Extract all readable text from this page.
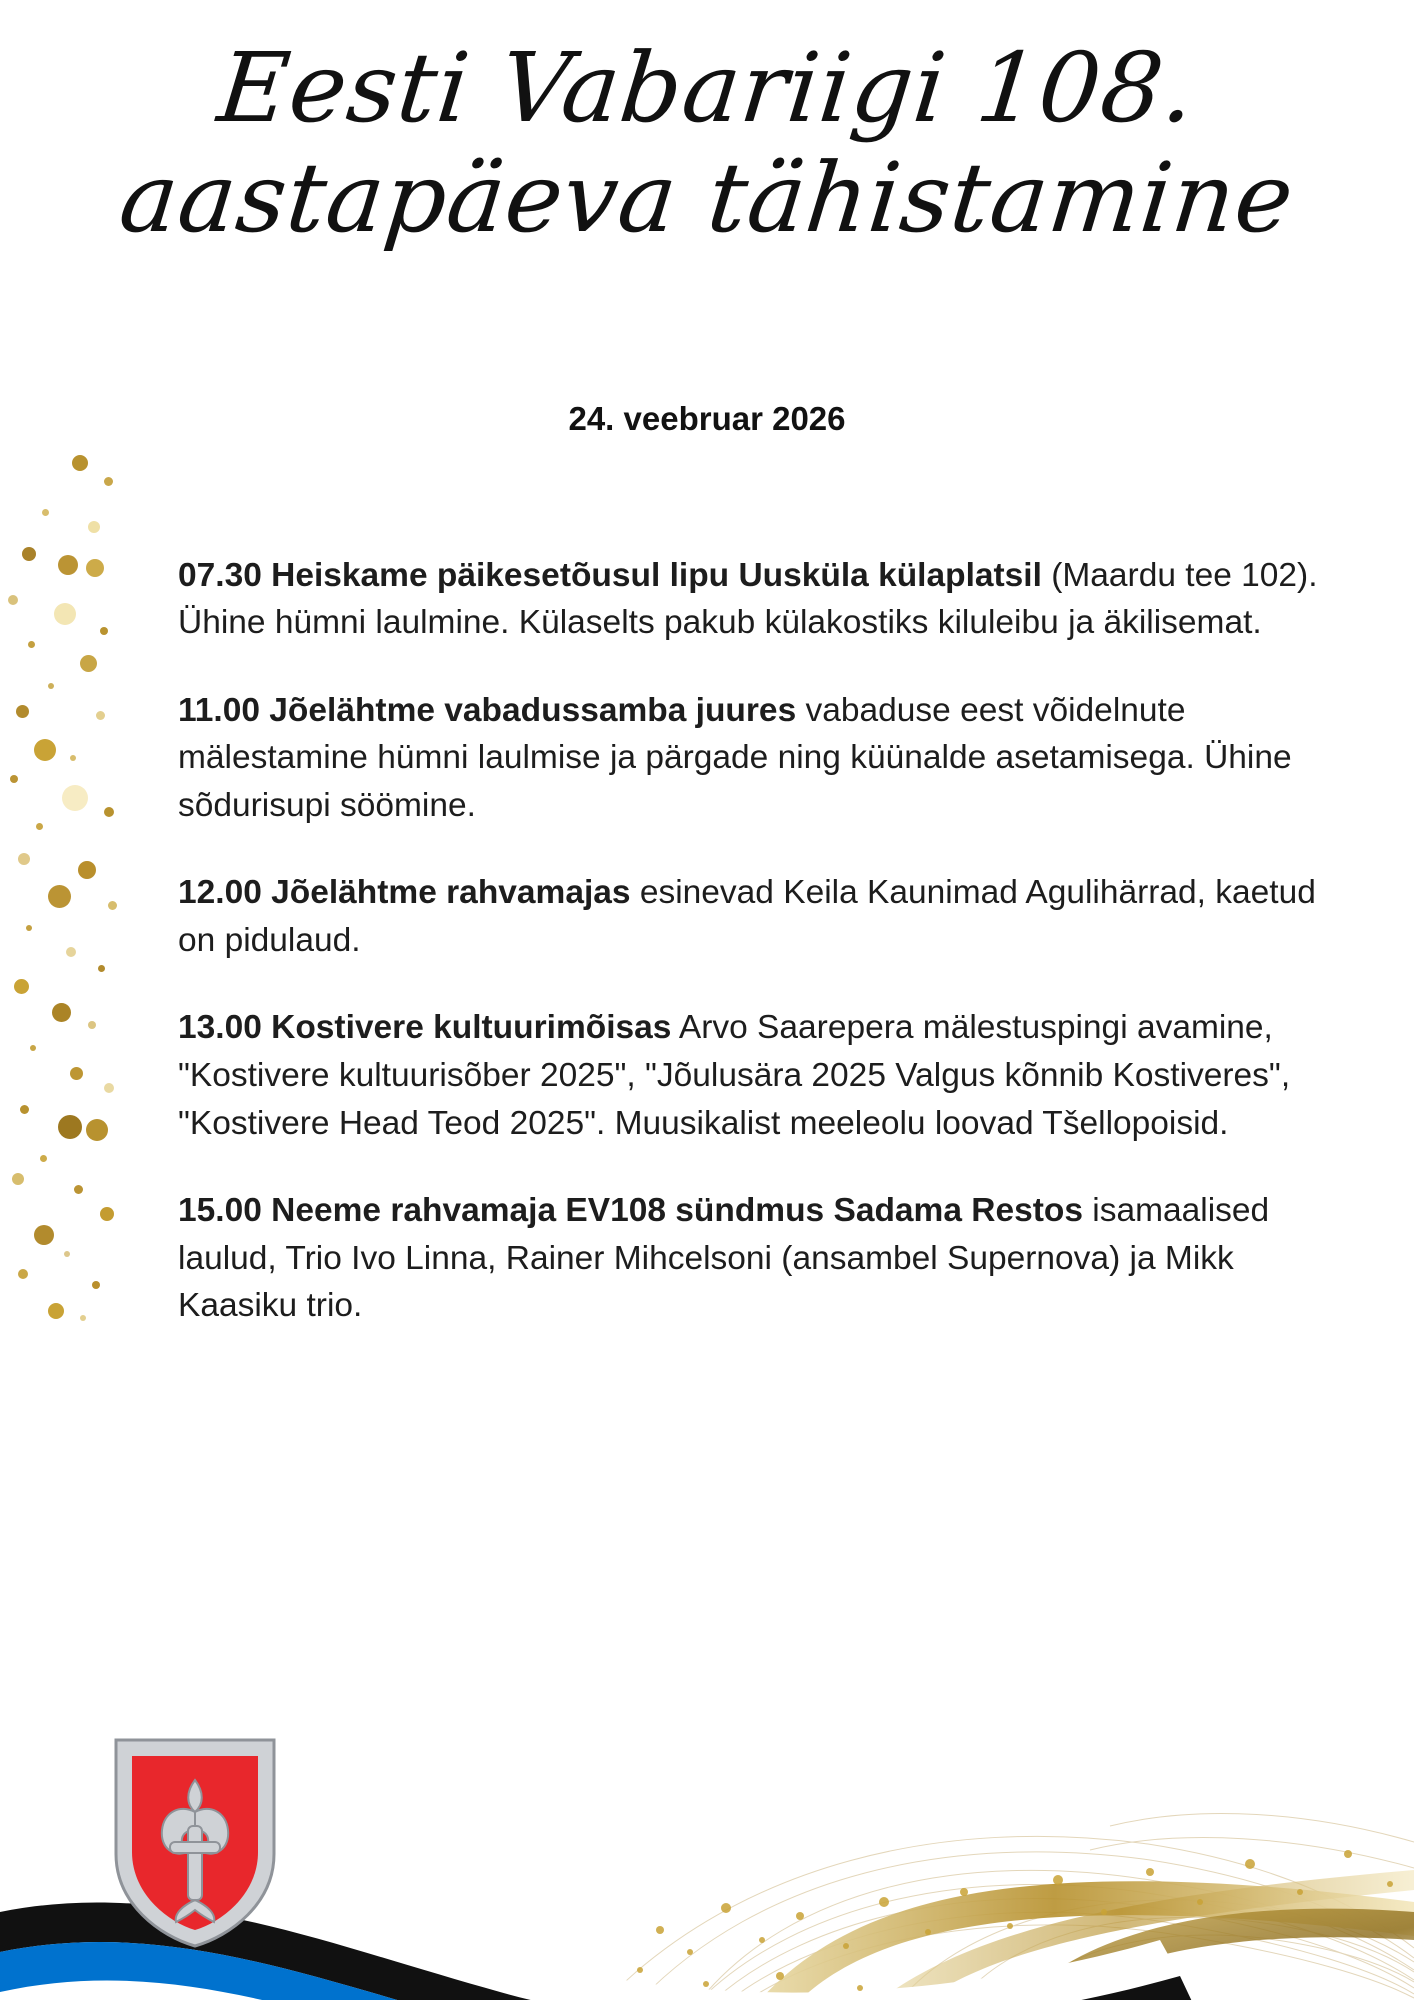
Eesti Vabariigi 108.
aastapäeva tähistamine
24. veebruar 2026

07.30 Heiskame päikesetõusul lipu Uusküla külaplatsil (Maardu tee 102). Ühine hümni laulmine. Külaselts pakub külakostiks kiluleibu ja äkilisemat.

11.00 Jõelähtme vabadussamba juures vabaduse eest võidelnute mälestamine hümni laulmise ja pärgade ning küünalde asetamisega. Ühine sõdurisupi söömine.

12.00 Jõelähtme rahvamajas esinevad Keila Kaunimad Agulihärrad, kaetud on pidulaud.

13.00 Kostivere kultuurimõisas Arvo Saarepera mälestuspingi avamine, "Kostivere kultuurisõber 2025", "Jõulusära 2025 Valgus kõnnib Kostiveres", "Kostivere Head Teod 2025". Muusikalist meeleolu loovad Tšellopoisid.

15.00 Neeme rahvamaja EV108 sündmus Sadama Restos isamaalised laulud, Trio Ivo Linna, Rainer Mihcelsoni (ansambel Supernova) ja Mikk Kaasiku trio.
